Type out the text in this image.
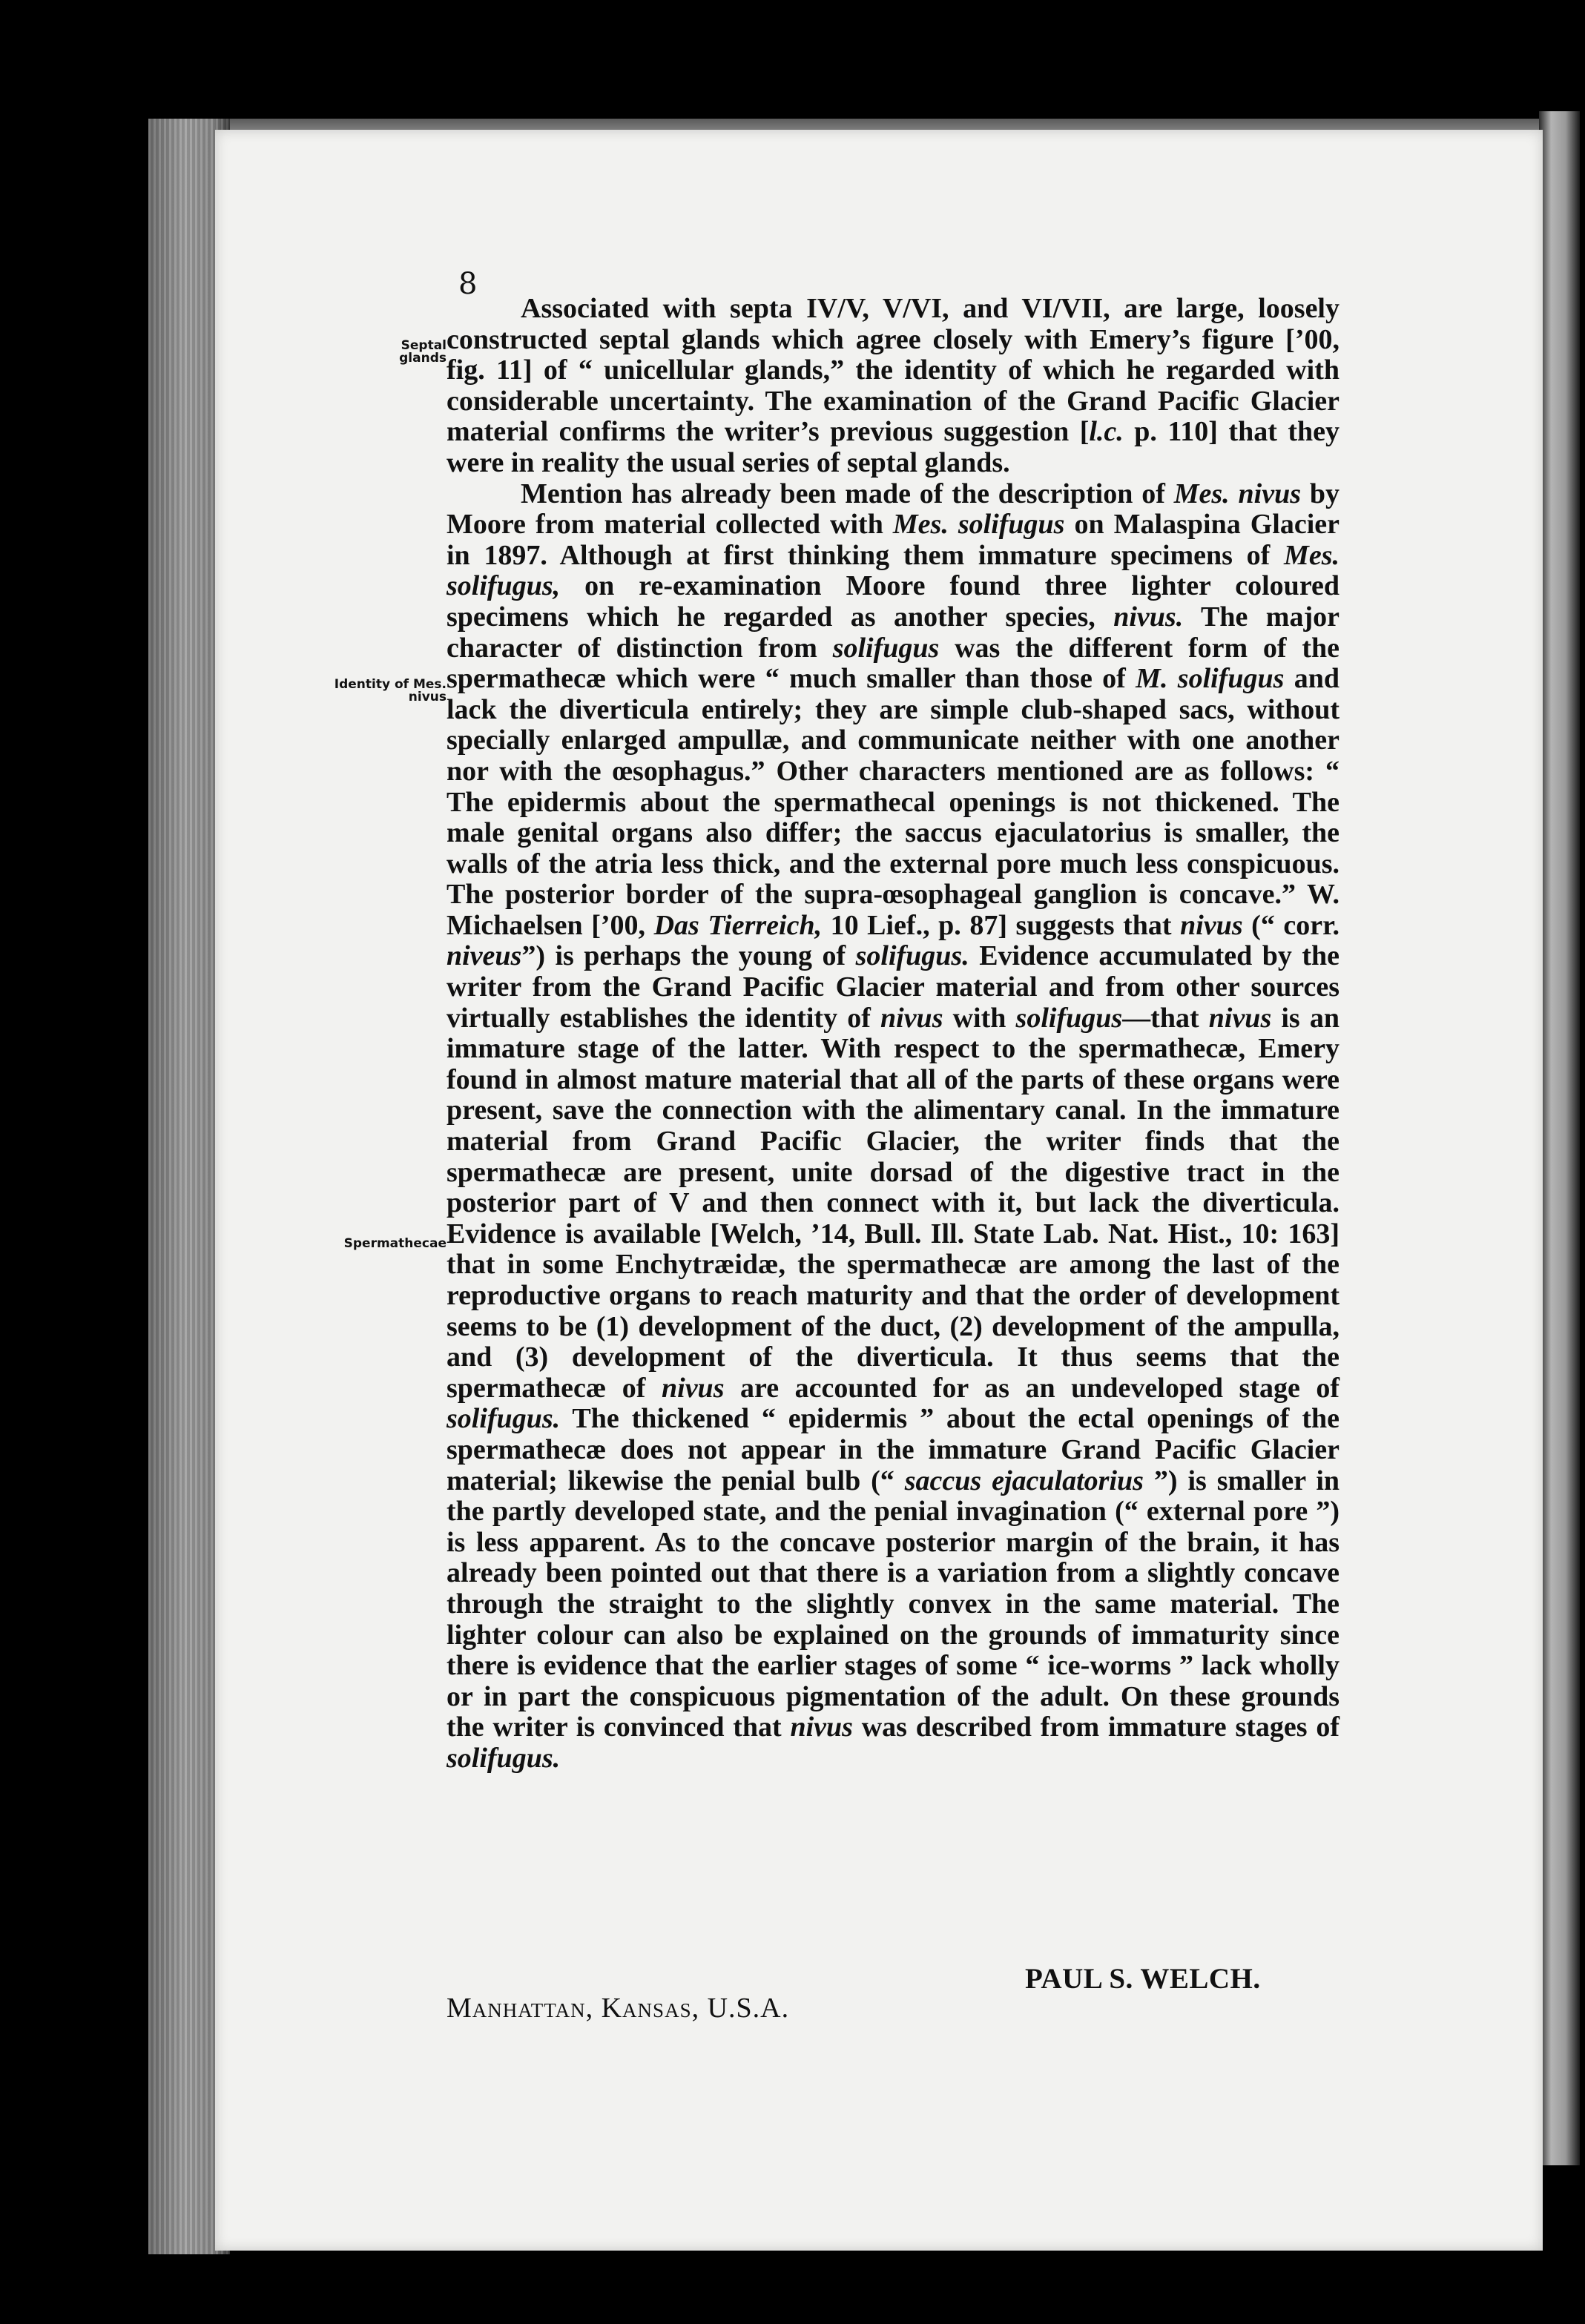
8
Septal glands
Identity of Mes. nivus
Spermathecae

Associated with septa IV/V, V/VI, and VI/VII, are large, loosely constructed septal glands which agree closely with Emery’s figure [’00, fig. 11] of “ unicellular glands,” the identity of which he regarded with considerable uncertainty. The examination of the Grand Pacific Glacier material confirms the writer’s previous suggestion [l.c. p. 110] that they were in reality the usual series of septal glands.

Mention has already been made of the description of Mes. nivus by Moore from material collected with Mes. solifugus on Malaspina Glacier in 1897. Although at first thinking them immature specimens of Mes. solifugus, on re-examination Moore found three lighter coloured specimens which he regarded as another species, nivus. The major character of distinction from solifugus was the different form of the spermathecæ which were “ much smaller than those of M. solifugus and lack the diverticula entirely; they are simple club-shaped sacs, without specially enlarged ampullæ, and communicate neither with one another nor with the œsophagus.” Other characters mentioned are as follows: “ The epidermis about the spermathecal openings is not thickened. The male genital organs also differ; the saccus ejaculatorius is smaller, the walls of the atria less thick, and the external pore much less conspicuous. The posterior border of the supra-œsophageal ganglion is concave.” W. Michaelsen [’00, Das Tierreich, 10 Lief., p. 87] suggests that nivus (“ corr. niveus”) is perhaps the young of solifugus. Evidence accumulated by the writer from the Grand Pacific Glacier material and from other sources virtually establishes the identity of nivus with solifugus—that nivus is an immature stage of the latter. With respect to the spermathecæ, Emery found in almost mature material that all of the parts of these organs were present, save the connection with the alimentary canal. In the immature material from Grand Pacific Glacier, the writer finds that the spermathecæ are present, unite dorsad of the digestive tract in the posterior part of V and then connect with it, but lack the diverticula. Evidence is available [Welch, ’14, Bull. Ill. State Lab. Nat. Hist., 10: 163] that in some Enchytræidæ, the spermathecæ are among the last of the reproductive organs to reach maturity and that the order of development seems to be (1) development of the duct, (2) development of the ampulla, and (3) development of the diverticula. It thus seems that the spermathecæ of nivus are accounted for as an undeveloped stage of solifugus. The thickened “ epidermis ” about the ectal openings of the spermathecæ does not appear in the immature Grand Pacific Glacier material; likewise the penial bulb (“ saccus ejaculatorius ”) is smaller in the partly developed state, and the penial invagination (“ external pore ”) is less apparent. As to the concave posterior margin of the brain, it has already been pointed out that there is a variation from a slightly concave through the straight to the slightly convex in the same material. The lighter colour can also be explained on the grounds of immaturity since there is evidence that the earlier stages of some “ ice-worms ” lack wholly or in part the conspicuous pigmentation of the adult. On these grounds the writer is convinced that nivus was described from immature stages of solifugus.

PAUL S. WELCH.
Manhattan, Kansas, U.S.A.
